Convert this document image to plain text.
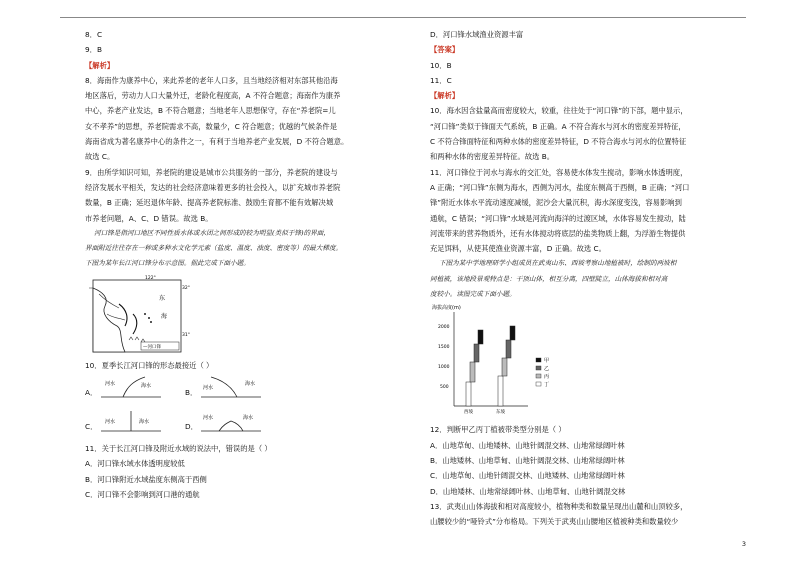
8．C
9．B
【解析】
8．海南作为康养中心，来此养老的老年人口多，且当地经济相对东部其他沿海
地区落后，劳动力人口大量外迁，老龄化程度高，A 不符合题意；海南作为康养
中心，养老产业发达，B 不符合题意；当地老年人思想保守，存在“养老院=儿
女不孝养”的思想，养老院需求不高，数量少，C 符合题意；优越的气候条件是
海南省成为著名康养中心的条件之一，有利于当地养老产业发展，D 不符合题意。
故选 C。
9．由所学知识可知，养老院的建设是城市公共服务的一部分，养老院的建设与
经济发展水平相关，发达的社会经济意味着更多的社会投入，以扩充城市养老院
数量，B 正确；延迟退休年龄、提高养老院标准、鼓励生育都不能有效解决城
市养老问题，A、C、D 错误。故选 B。
河口锋是指河口地区不同性质水体或水团之间形成的较为明显(类似于锋)的界面，
界面附近往往存在一种或多种水文化学元素（盐度、温度、浊度、密度等）的最大梯度。
下图为某年长江河口锋分布示意图。据此完成下面小题。
122°
32°
31°
东
海
—河口锋
10．夏季长江河口锋的形态最接近（ ）
A．
河水	海水
B． 河水
海水
C． 河水	海水	D．
河水	海水
11．关于长江河口锋及附近水域的说法中，错误的是（ ）
A．河口锋水域水体透明度较低
B．河口锋附近水域盐度东侧高于西侧
C．河口锋不会影响到河口港的通航
D．河口锋水域渔业资源丰富
【答案】
10．B
11．C
【解析】
10．海水因含盐量高而密度较大，较重，往往处于“河口锋”的下部，题中显示，
“河口锋”类似于锋面天气系统，B 正确。A 不符合海水与河水的密度差异特征，
C 不符合锋面特征和两种水体的密度差异特征，D 不符合海水与河水的位置特征
和两种水体的密度差异特征。故选 B。
11．河口锋位于河水与海水的交汇处，容易使水体发生搅动，影响水体透明度，
A 正确；“河口锋”东侧为海水，西侧为河水，盐度东侧高于西侧，B 正确；“河口
锋”附近水体水平流动速度减缓，泥沙会大量沉积，海水深度变浅，容易影响到
通航，C 错误；“河口锋”水域是河流向海洋的过渡区域，水体容易发生搅动，陆
河流带来的营养物质外，还有水体搅动将底层的盐类物质上翻，为浮游生物提供
充足饵料，从使其使渔业资源丰富，D 正确。故选 C。
下图为某中学地理研学小组成员在武夷山东、西坡考察山地植被时，绘制的两坡相
同植被，该地段景观特点是：干顶山体，相互分离，四壁陡立，山体海拔和相对高
度较小。读图完成下面小题。
海拔高度(m)
2000
1500
1000
500
西坡	东坡
甲
乙
丙
丁
12．判断甲乙丙丁植被带类型分别是（ ）
A．山地草甸、山地矮林、山地针阔混交林、山地常绿阔叶林
B．山地矮林、山地草甸、山地针阔混交林、山地常绿阔叶林
C．山地草甸、山地针阔混交林、山地矮林、山地常绿阔叶林
D．山地矮林、山地常绿阔叶林、山地草甸、山地针阔混交林
13．武夷山山体海拔和相对高度较小，植物种类和数量呈现出山麓和山顶较多，
山腰较少的“哑铃式”分布格局。下列关于武夷山山腰地区植被种类和数量较少
3
